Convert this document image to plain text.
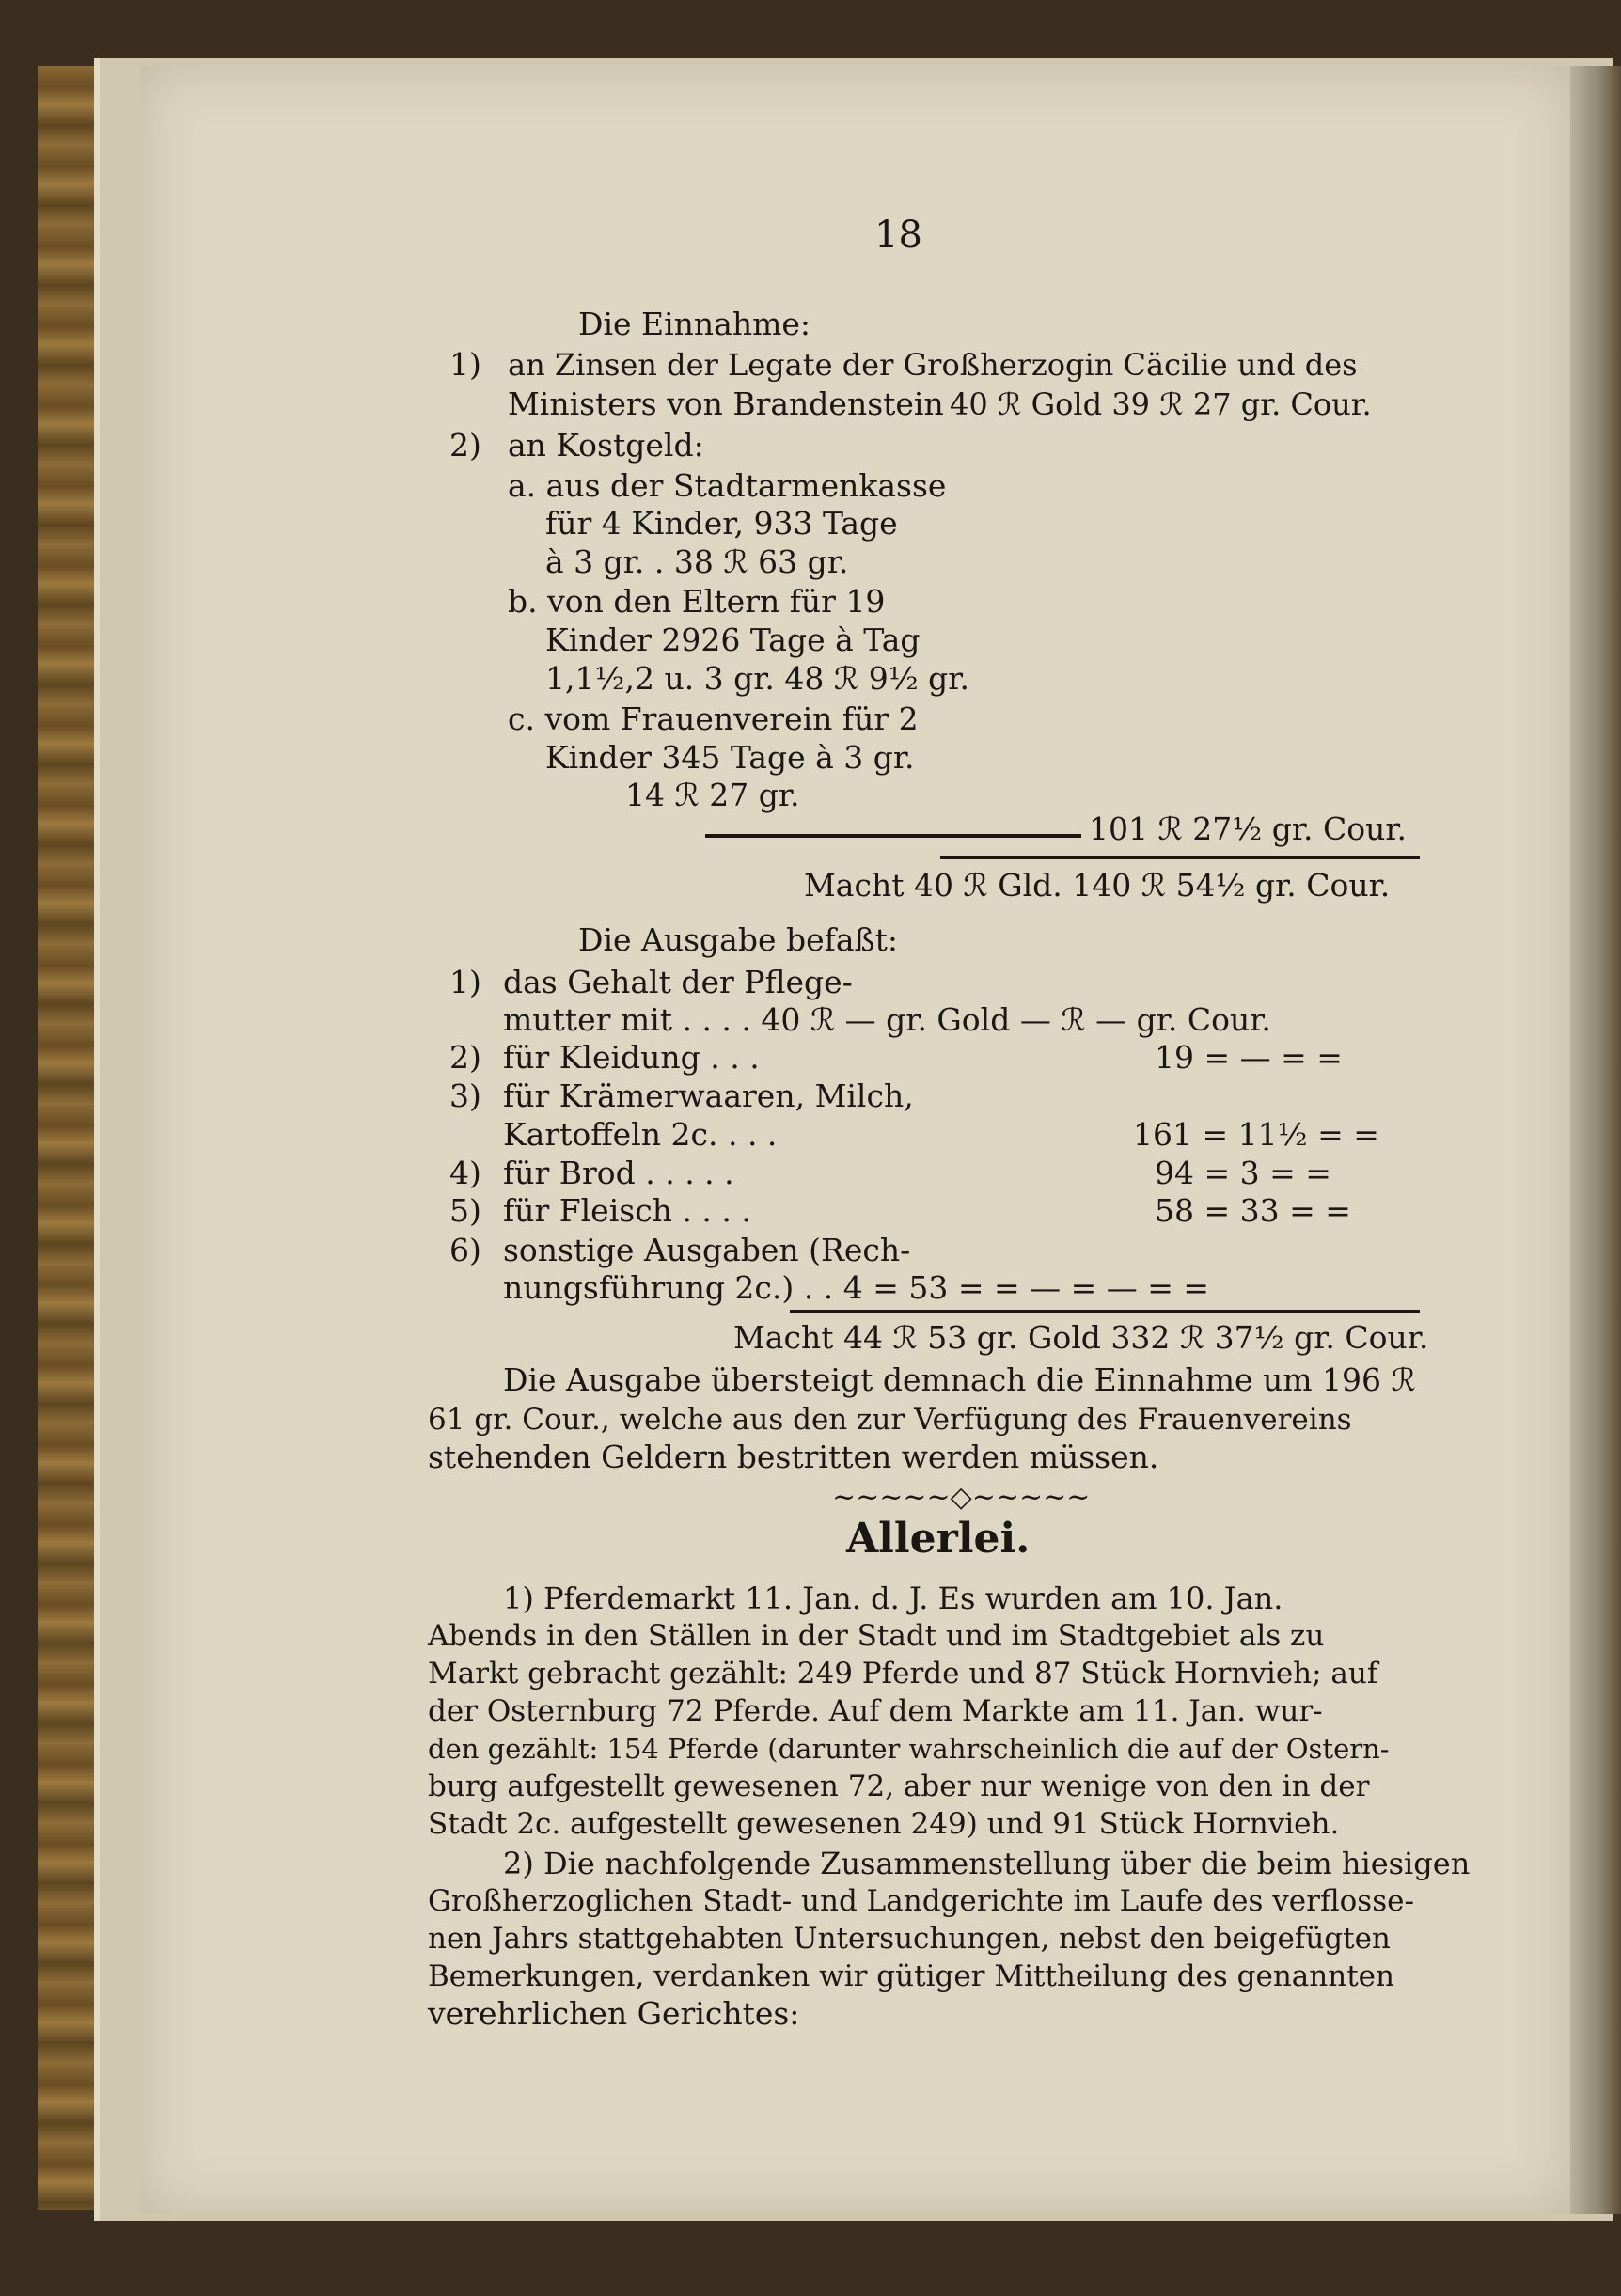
18
Die Einnahme:
1) an Zinsen der Legate der Großherzogin Cäcilie und des
Ministers von Brandenstein 40 ℛ Gold 39 ℛ 27 gr. Cour.
2) an Kostgeld:
a. aus der Stadtarmenkasse
für 4 Kinder, 933 Tage
à 3 gr. . 38 ℛ 63 gr.
b. von den Eltern für 19
Kinder 2926 Tage à Tag
1,1½,2 u. 3 gr. 48 ℛ 9½ gr.
c. vom Frauenverein für 2
Kinder 345 Tage à 3 gr.
14 ℛ 27 gr.
101 ℛ 27½ gr. Cour.
Macht 40 ℛ Gld. 140 ℛ 54½ gr. Cour.
Die Ausgabe befaßt:
1) das Gehalt der Pflege-
mutter mit . . . . 40 ℛ — gr. Gold — ℛ — gr. Cour.
2) für Kleidung . . .	19 = — = =
3) für Krämerwaaren, Milch,
Kartoffeln 2c. . . .	161 = 11½ = =
4) für Brod . . . . .	94 = 3 = =
5) für Fleisch . . . .	58 = 33 = =
6) sonstige Ausgaben (Rech-
nungsführung 2c.) . . 4 = 53 = = — = — = =
Macht 44 ℛ 53 gr. Gold 332 ℛ 37½ gr. Cour.
Die Ausgabe übersteigt demnach die Einnahme um 196 ℛ
61 gr. Cour., welche aus den zur Verfügung des Frauenvereins
stehenden Geldern bestritten werden müssen.
~~~~~◇~~~~~
Allerlei.
1) Pferdemarkt 11. Jan. d. J. Es wurden am 10. Jan.
Abends in den Ställen in der Stadt und im Stadtgebiet als zu
Markt gebracht gezählt: 249 Pferde und 87 Stück Hornvieh; auf
der Osternburg 72 Pferde. Auf dem Markte am 11. Jan. wur-
den gezählt: 154 Pferde (darunter wahrscheinlich die auf der Ostern-
burg aufgestellt gewesenen 72, aber nur wenige von den in der
Stadt 2c. aufgestellt gewesenen 249) und 91 Stück Hornvieh.
2) Die nachfolgende Zusammenstellung über die beim hiesigen
Großherzoglichen Stadt- und Landgerichte im Laufe des verflosse-
nen Jahrs stattgehabten Untersuchungen, nebst den beigefügten
Bemerkungen, verdanken wir gütiger Mittheilung des genannten
verehrlichen Gerichtes:
